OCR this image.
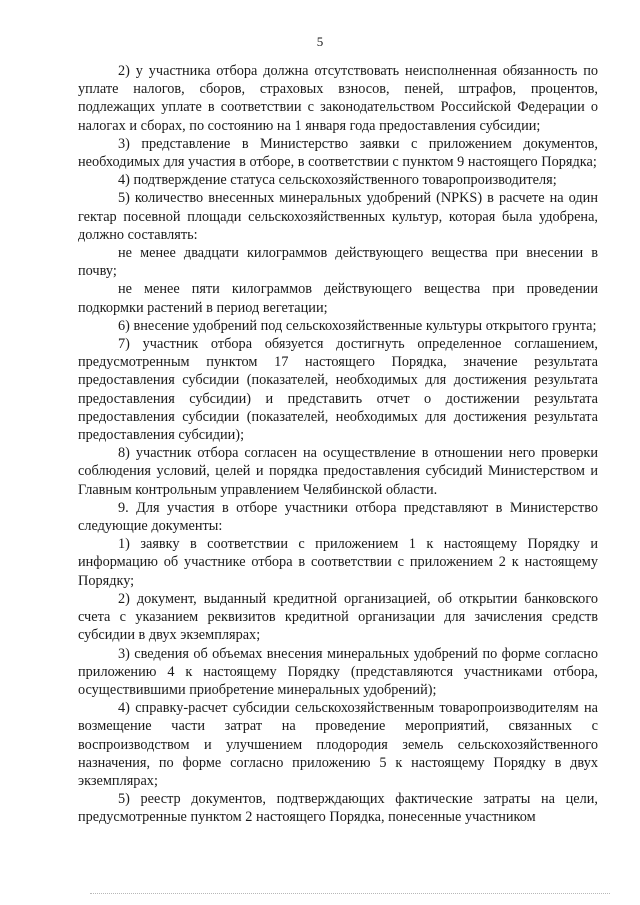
5

2) у участника отбора должна отсутствовать неисполненная обязанность по уплате налогов, сборов, страховых взносов, пеней, штрафов, процентов, подлежащих уплате в соответствии с законодательством Российской Федерации о налогах и сборах, по состоянию на 1 января года предоставления субсидии;

3) представление в Министерство заявки с приложением документов, необходимых для участия в отборе, в соответствии с пунктом 9 настоящего Порядка;

4) подтверждение статуса сельскохозяйственного товаропроизводителя;

5) количество внесенных минеральных удобрений (NPKS) в расчете на один гектар посевной площади сельскохозяйственных культур, которая была удобрена, должно составлять:

не менее двадцати килограммов действующего вещества при внесении в почву;

не менее пяти килограммов действующего вещества при проведении подкормки растений в период вегетации;

6) внесение удобрений под сельскохозяйственные культуры открытого грунта;

7) участник отбора обязуется достигнуть определенное соглашением, предусмотренным пунктом 17 настоящего Порядка, значение результата предоставления субсидии (показателей, необходимых для достижения результата предоставления субсидии) и представить отчет о достижении результата предоставления субсидии (показателей, необходимых для достижения результата предоставления субсидии);

8) участник отбора согласен на осуществление в отношении него проверки соблюдения условий, целей и порядка предоставления субсидий Министерством и Главным контрольным управлением Челябинской области.

9. Для участия в отборе участники отбора представляют в Министерство следующие документы:

1) заявку в соответствии с приложением 1 к настоящему Порядку и информацию об участнике отбора в соответствии с приложением 2 к настоящему Порядку;

2) документ, выданный кредитной организацией, об открытии банковского счета с указанием реквизитов кредитной организации для зачисления средств субсидии в двух экземплярах;

3) сведения об объемах внесения минеральных удобрений по форме согласно приложению 4 к настоящему Порядку (представляются участниками отбора, осуществившими приобретение минеральных удобрений);

4) справку-расчет субсидии сельскохозяйственным товаропроизводителям на возмещение части затрат на проведение мероприятий, связанных с воспроизводством и улучшением плодородия земель сельскохозяйственного назначения, по форме согласно приложению 5 к настоящему Порядку в двух экземплярах;

5) реестр документов, подтверждающих фактические затраты на цели, предусмотренные пунктом 2 настоящего Порядка, понесенные участником
